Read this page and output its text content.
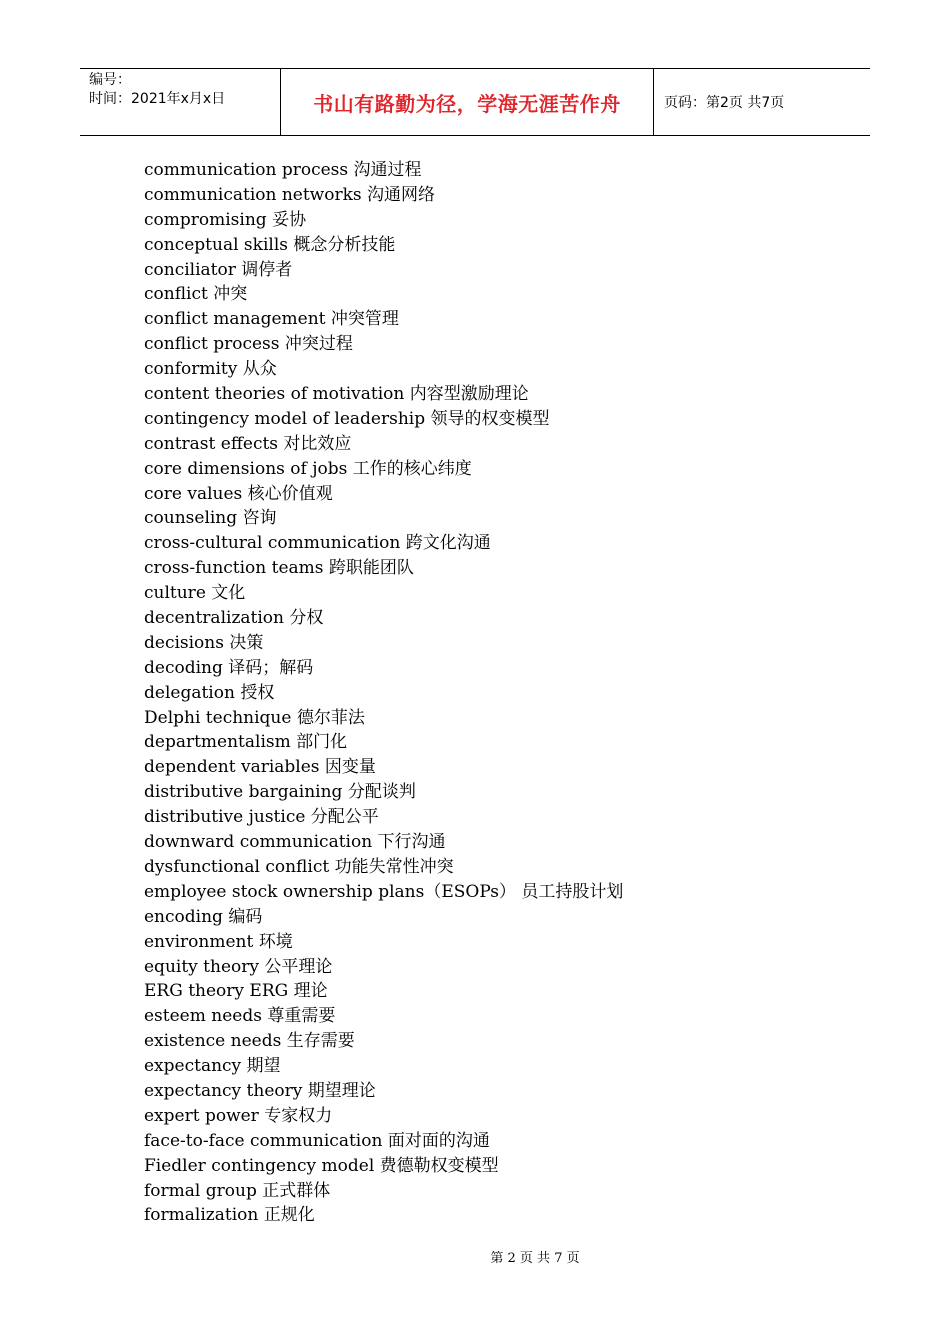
编号：
时间：2021年x月x日	书山有路勤为径，学海无涯苦作舟	页码：第2页 共7页
communication process 沟通过程
communication networks 沟通网络
compromising 妥协
conceptual skills 概念分析技能
conciliator 调停者
conflict 冲突
conflict management 冲突管理
conflict process 冲突过程
conformity 从众
content theories of motivation 内容型激励理论
contingency model of leadership 领导的权变模型
contrast effects 对比效应
core dimensions of jobs 工作的核心纬度
core values 核心价值观
counseling 咨询
cross-cultural communication 跨文化沟通
cross-function teams 跨职能团队
culture 文化
decentralization 分权
decisions 决策
decoding 译码；解码
delegation 授权
Delphi technique 德尔菲法
departmentalism 部门化
dependent variables 因变量
distributive bargaining 分配谈判
distributive justice 分配公平
downward communication 下行沟通
dysfunctional conflict 功能失常性冲突
employee stock ownership plans（ESOPs） 员工持股计划
encoding 编码
environment 环境
equity theory 公平理论
ERG theory ERG 理论
esteem needs 尊重需要
existence needs 生存需要
expectancy 期望
expectancy theory 期望理论
expert power 专家权力
face-to-face communication 面对面的沟通
Fiedler contingency model 费德勒权变模型
formal group 正式群体
formalization 正规化
第 2 页 共 7 页
